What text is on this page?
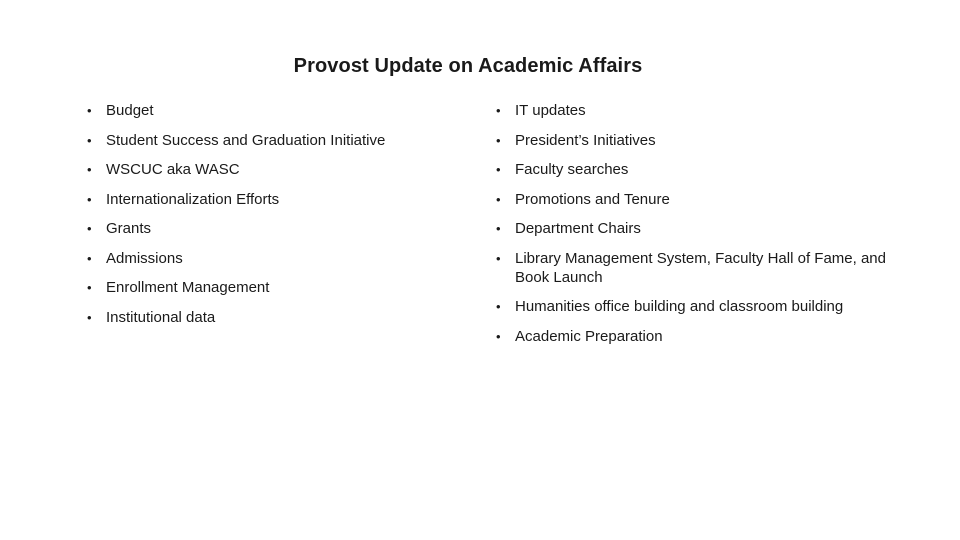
Provost Update on Academic Affairs
• Budget
• Student Success and Graduation Initiative
• WSCUC aka WASC
• Internationalization Efforts
• Grants
• Admissions
• Enrollment Management
• Institutional data
• IT updates
• President’s Initiatives
• Faculty searches
• Promotions and Tenure
• Department Chairs
• Library Management System, Faculty Hall of Fame, and Book Launch
• Humanities office building and classroom building
• Academic Preparation
